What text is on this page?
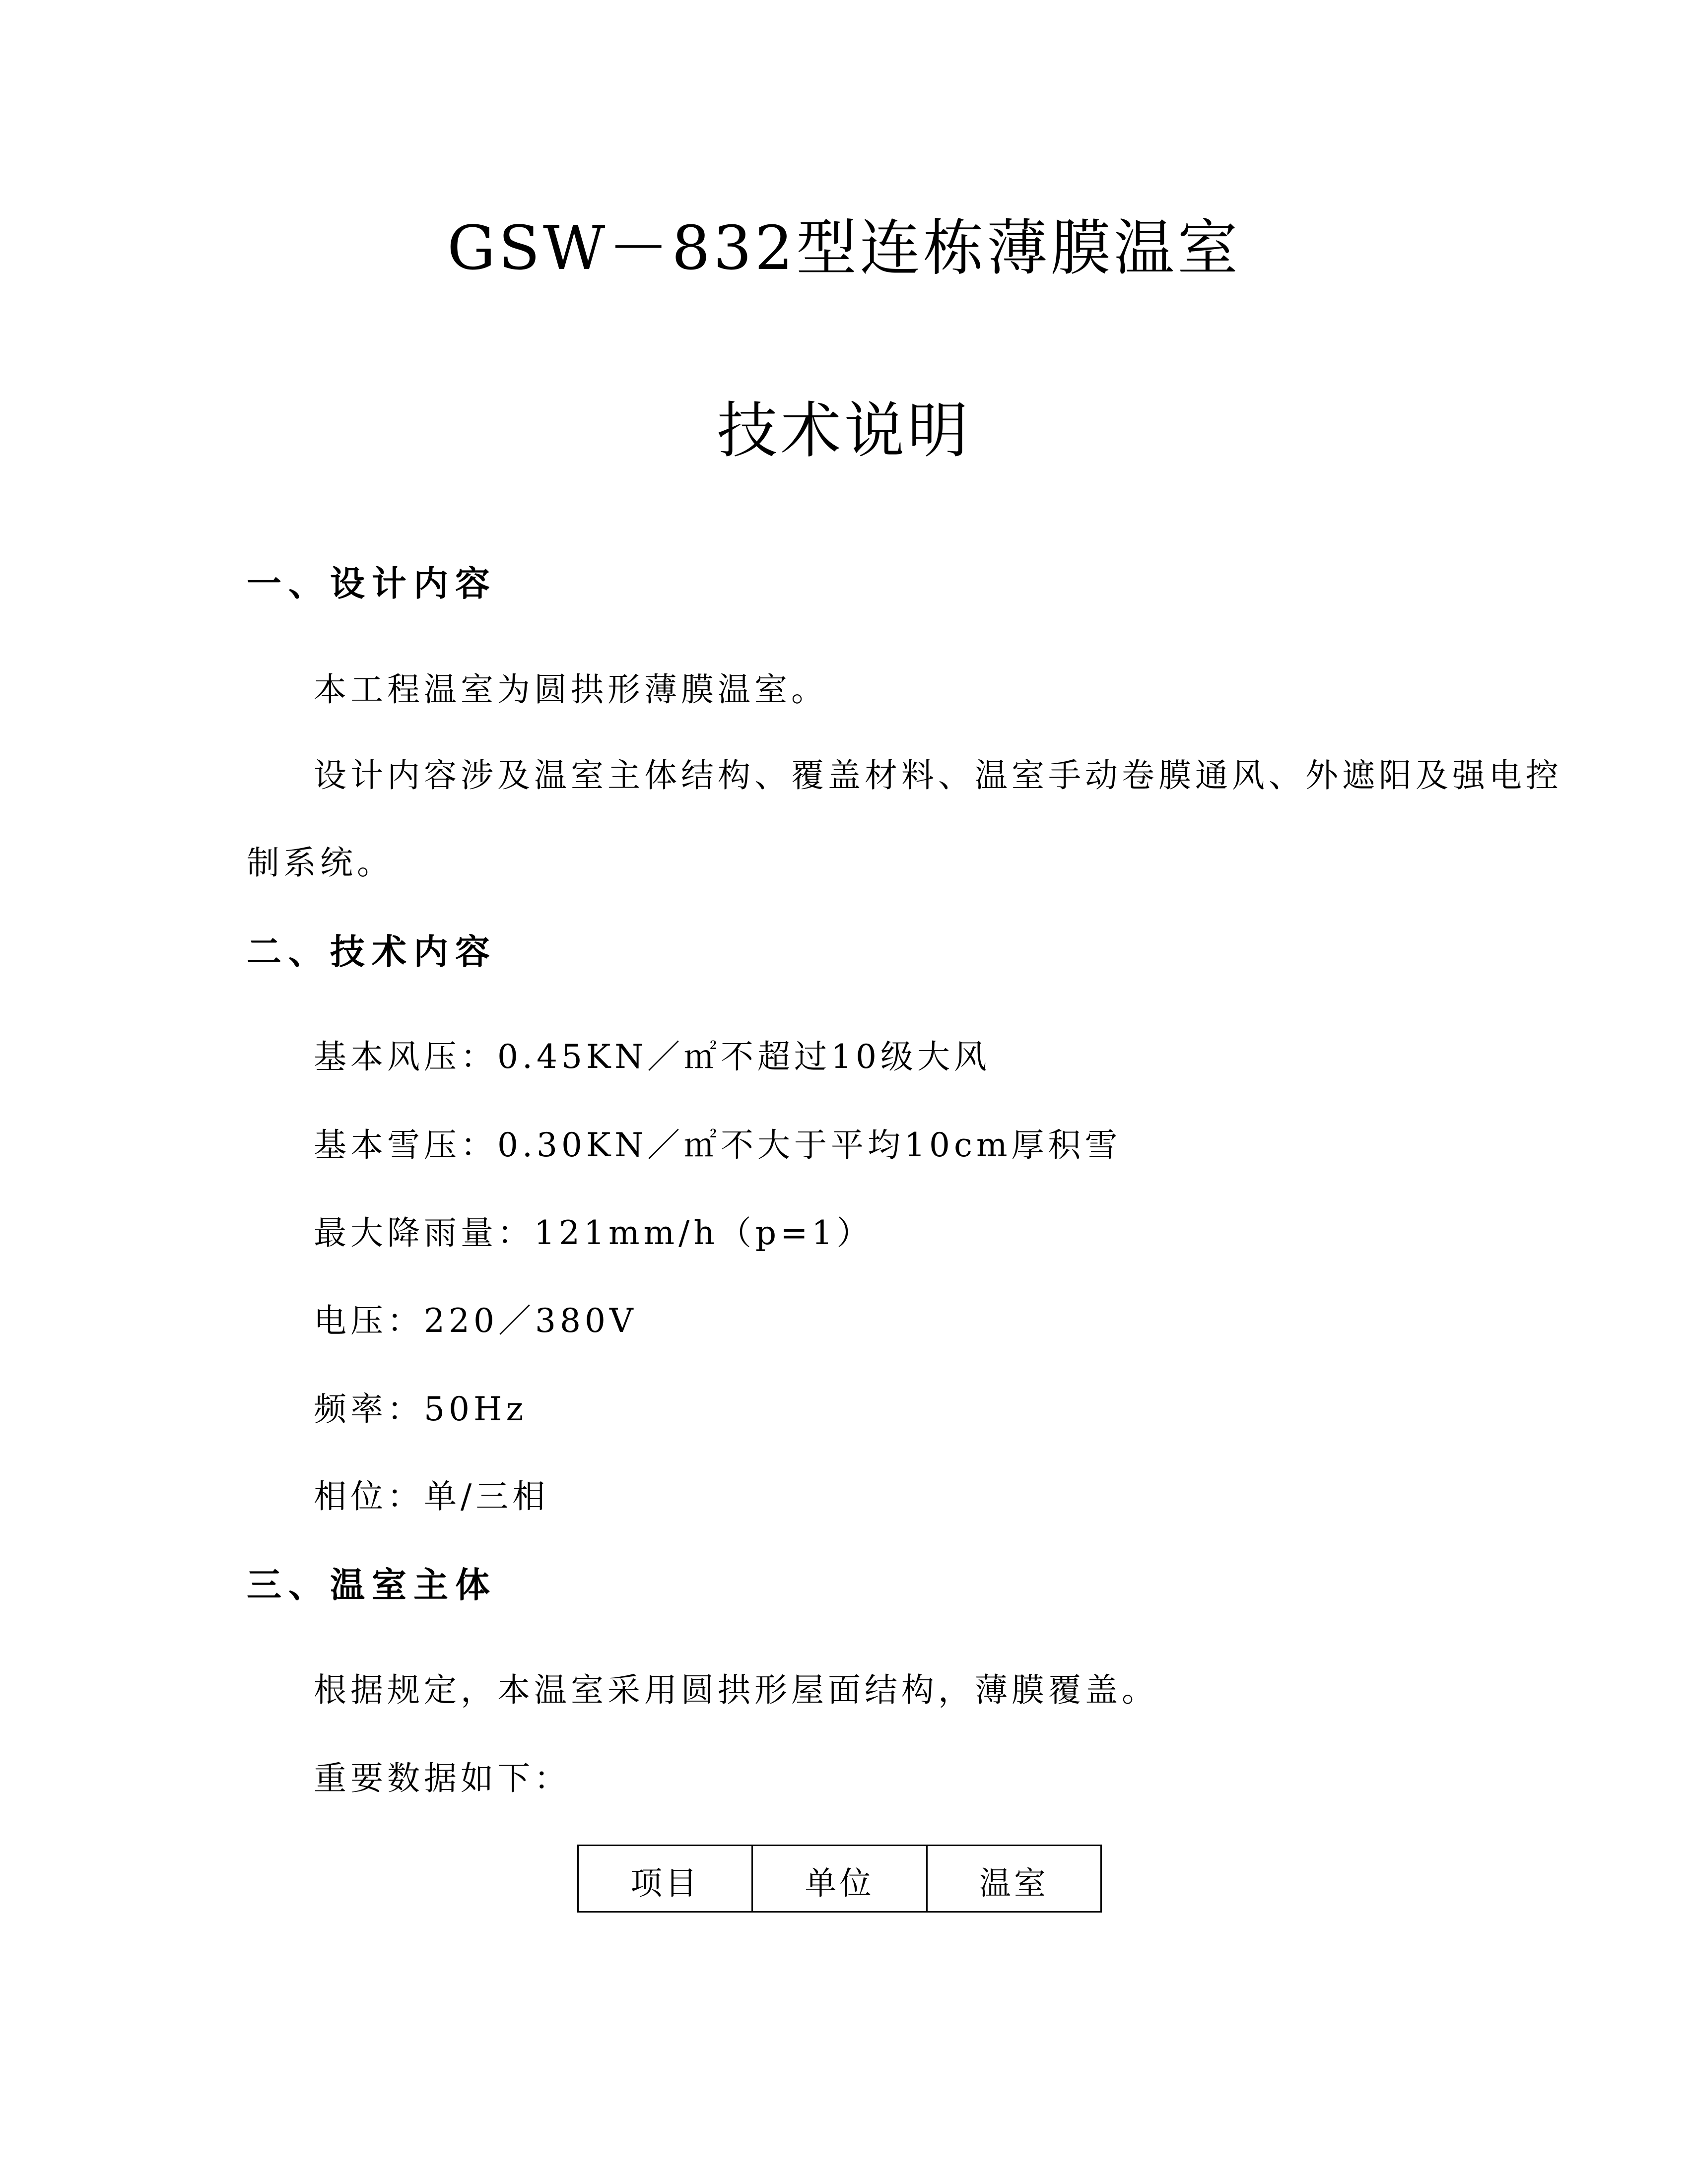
GSW－832型连栋薄膜温室
技术说明
一、设计内容
本工程温室为圆拱形薄膜温室。
设计内容涉及温室主体结构、覆盖材料、温室手动卷膜通风、外遮阳及强电控
制系统。
二、技术内容
基本风压：0.45KN／㎡不超过10级大风
基本雪压：0.30KN／㎡不大于平均10cm厚积雪
最大降雨量：121mm/h（p=1）
电压：220／380V
频率：50Hz
相位：单/三相
三、温室主体
根据规定，本温室采用圆拱形屋面结构，薄膜覆盖。
重要数据如下：
项目	单位	温室
